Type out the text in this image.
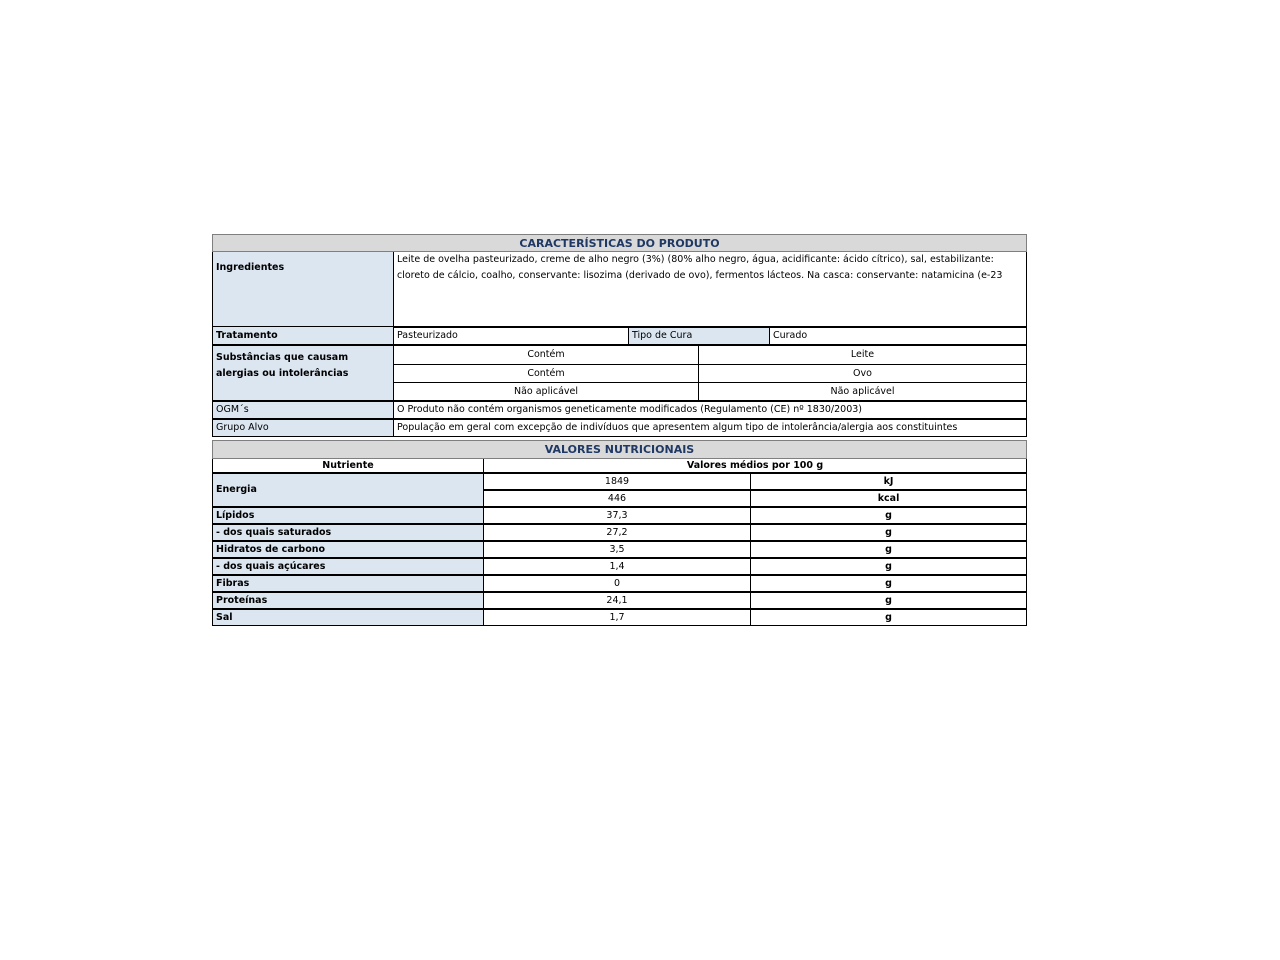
CARACTERÍSTICAS DO PRODUTO				
Ingredientes	Leite de ovelha pasteurizado, creme de alho negro (3%) (80% alho negro, água, acidificante: ácido cítrico), sal, estabilizante: cloreto de cálcio, coalho, conservante: lisozima (derivado de ovo), fermentos lácteos. Na casca: conservante: natamicina (e-23			
Tratamento	Pasteurizado	Tipo de Cura		Curado
Substâncias que causam alergias ou intolerâncias	Contém		Leite	
	Contém		Ovo	
	Não aplicável		Não aplicável	
OGM´s	O Produto não contém organismos geneticamente modificados (Regulamento (CE) nº 1830/2003)			
Grupo Alvo	População em geral com excepção de indivíduos que apresentem algum tipo de intolerância/alergia aos constituintes			
VALORES NUTRICIONAIS		
Nutriente	Valores médios por 100 g	
Energia	1849	kJ
	446	kcal
Lípidos	37,3	g
- dos quais saturados	27,2	g
Hidratos de carbono	3,5	g
- dos quais açúcares	1,4	g
Fibras	0	g
Proteínas	24,1	g
Sal	1,7	g
